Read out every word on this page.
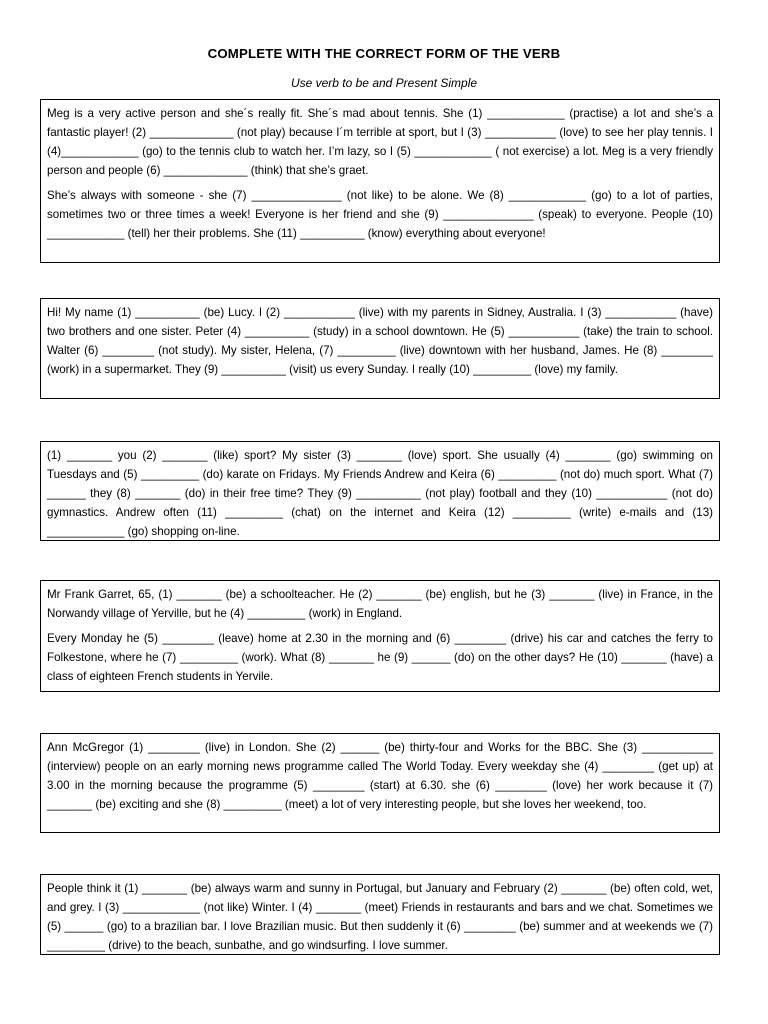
COMPLETE WITH THE CORRECT FORM OF THE VERB
Use verb to be and Present Simple

Meg is a very active person and she´s really fit. She´s mad about tennis. She (1) ____________ (practise) a lot and she’s a fantastic player! (2) _____________ (not play) because I´m terrible at sport, but I (3) ___________ (love) to see her play tennis. I (4)____________ (go) to the tennis club to watch her. I’m lazy, so I (5) ____________ ( not exercise) a lot. Meg is a very friendly person and people (6) _____________ (think) that she’s graet.

She’s always with someone - she (7) ______________ (not like) to be alone. We (8) ____________ (go) to a lot of parties, sometimes two or three times a week! Everyone is her friend and she (9) ______________ (speak) to everyone. People (10) ____________ (tell) her their problems. She (11) __________ (know) everything about everyone!

Hi! My name (1) __________ (be) Lucy. I (2) ___________ (live) with my parents in Sidney, Australia. I (3) ___________ (have) two brothers and one sister. Peter (4) __________ (study) in a school downtown. He (5) ___________ (take) the train to school. Walter (6) ________ (not study). My sister, Helena, (7) _________ (live) downtown with her husband, James. He (8) ________ (work) in a supermarket. They (9) __________ (visit) us every Sunday. I really (10) _________ (love) my family.

(1) _______ you (2) _______ (like) sport? My sister (3) _______ (love) sport. She usually (4) _______ (go) swimming on Tuesdays and (5) _________ (do) karate on Fridays. My Friends Andrew and Keira (6) _________ (not do) much sport. What (7) ______ they (8) _______ (do) in their free time? They (9) __________ (not play) football and they (10) ___________ (not do) gymnastics. Andrew often (11) _________ (chat) on the internet and Keira (12) _________ (write) e-mails and (13) ____________ (go) shopping on-line.

Mr Frank Garret, 65, (1) _______ (be) a schoolteacher. He (2) _______ (be) english, but he (3) _______ (live) in France, in the Norwandy village of Yerville, but he (4) _________ (work) in England.

Every Monday he (5) ________ (leave) home at 2.30 in the morning and (6) ________ (drive) his car and catches the ferry to Folkestone, where he (7) _________ (work). What (8) _______ he (9) ______ (do) on the other days? He (10) _______ (have) a class of eighteen French students in Yervile.

Ann McGregor (1) ________ (live) in London. She (2) ______ (be) thirty-four and Works for the BBC. She (3) ___________ (interview) people on an early morning news programme called The World Today. Every weekday she (4) ________ (get up) at 3.00 in the morning because the programme (5) ________ (start) at 6.30. she (6) ________ (love) her work because it (7) _______ (be) exciting and she (8) _________ (meet) a lot of very interesting people, but she loves her weekend, too.

People think it (1) _______ (be) always warm and sunny in Portugal, but January and February (2) _______ (be) often cold, wet, and grey. I (3) ____________ (not like) Winter. I (4) _______ (meet) Friends in restaurants and bars and we chat. Sometimes we (5) ______ (go) to a brazilian bar. I love Brazilian music. But then suddenly it (6) ________ (be) summer and at weekends we (7) _________ (drive) to the beach, sunbathe, and go windsurfing. I love summer.
